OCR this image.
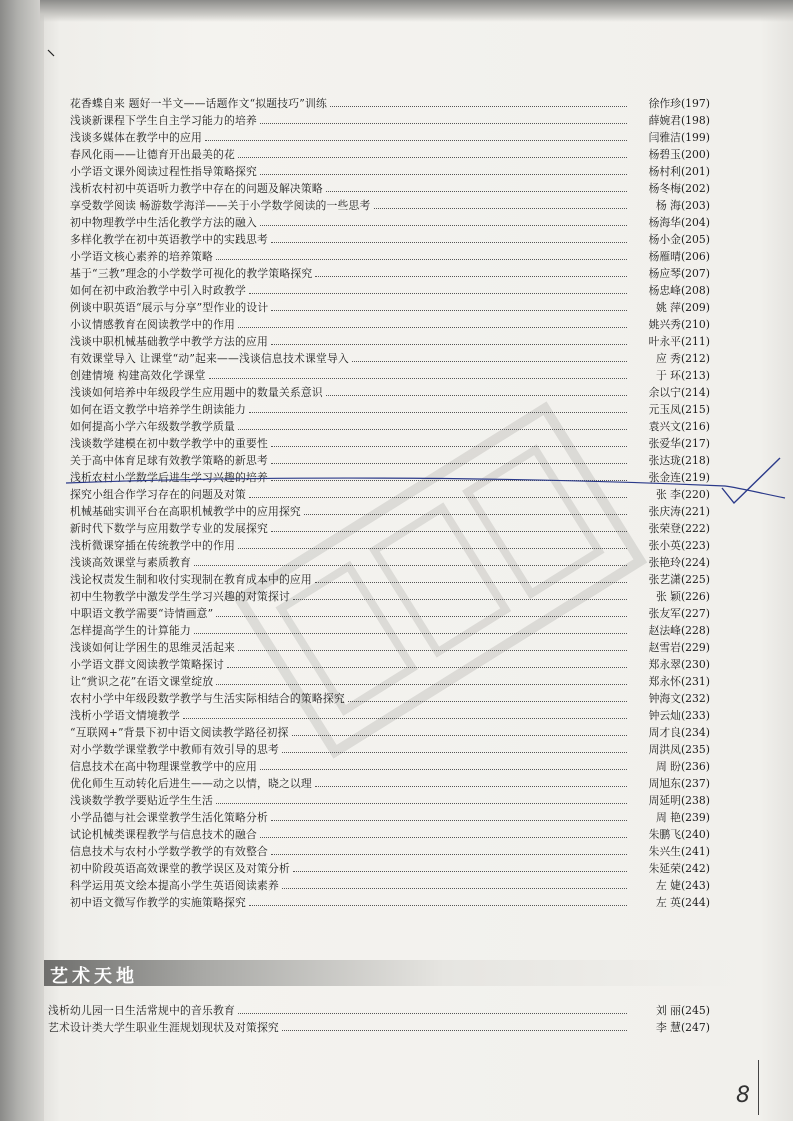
花香蝶自来 题好一半文——话题作文“拟题技巧”训练	徐作珍(197)
浅谈新课程下学生自主学习能力的培养	薛婉君(198)
浅谈多媒体在教学中的应用	闫雅洁(199)
春风化雨——让德育开出最美的花	杨碧玉(200)
小学语文课外阅读过程性指导策略探究	杨村利(201)
浅析农村初中英语听力教学中存在的问题及解决策略	杨冬梅(202)
享受数学阅读 畅游数学海洋——关于小学数学阅读的一些思考	杨 海(203)
初中物理教学中生活化教学方法的融入	杨海华(204)
多样化教学在初中英语教学中的实践思考	杨小金(205)
小学语文核心素养的培养策略	杨雁晴(206)
基于“三教”理念的小学数学可视化的教学策略探究	杨应琴(207)
如何在初中政治教学中引入时政教学	杨忠峰(208)
例谈中职英语“展示与分享”型作业的设计	姚 萍(209)
小议情感教育在阅读教学中的作用	姚兴秀(210)
浅谈中职机械基础教学中教学方法的应用	叶永平(211)
有效课堂导入 让课堂“动”起来——浅谈信息技术课堂导入	应 秀(212)
创建情境 构建高效化学课堂	于 环(213)
浅谈如何培养中年级段学生应用题中的数量关系意识	余以宁(214)
如何在语文教学中培养学生朗读能力	元玉凤(215)
如何提高小学六年级数学教学质量	袁兴文(216)
浅谈数学建模在初中数学教学中的重要性	张爱华(217)
关于高中体育足球有效教学策略的新思考	张达珑(218)
浅析农村小学数学后进生学习兴趣的培养	张金连(219)
探究小组合作学习存在的问题及对策	张 李(220)
机械基础实训平台在高职机械教学中的应用探究	张庆涛(221)
新时代下数学与应用数学专业的发展探究	张荣登(222)
浅析微课穿插在传统教学中的作用	张小英(223)
浅谈高效课堂与素质教育	张艳玲(224)
浅论权责发生制和收付实现制在教育成本中的应用	张艺潇(225)
初中生物教学中激发学生学习兴趣的对策探讨	张 颖(226)
中职语文教学需要“诗情画意”	张友军(227)
怎样提高学生的计算能力	赵法峰(228)
浅谈如何让学困生的思维灵活起来	赵雪岩(229)
小学语文群文阅读教学策略探讨	郑永翠(230)
让“赏识之花”在语文课堂绽放	郑永怀(231)
农村小学中年级段数学教学与生活实际相结合的策略探究	钟海文(232)
浅析小学语文情境教学	钟云灿(233)
“互联网+”背景下初中语文阅读教学路径初探	周才良(234)
对小学数学课堂教学中教师有效引导的思考	周洪凤(235)
信息技术在高中物理课堂教学中的应用	周 盼(236)
优化师生互动转化后进生——动之以情，晓之以理	周旭东(237)
浅谈数学教学要贴近学生生活	周延明(238)
小学品德与社会课堂教学生活化策略分析	周 艳(239)
试论机械类课程教学与信息技术的融合	朱鹏飞(240)
信息技术与农村小学数学教学的有效整合	朱兴生(241)
初中阶段英语高效课堂的教学误区及对策分析	朱延荣(242)
科学运用英文绘本提高小学生英语阅读素养	左 婕(243)
初中语文微写作教学的实施策略探究	左 英(244)
艺术天地
浅析幼儿园一日生活常规中的音乐教育	刘 丽(245)
艺术设计类大学生职业生涯规划现状及对策探究	李 慧(247)
8
